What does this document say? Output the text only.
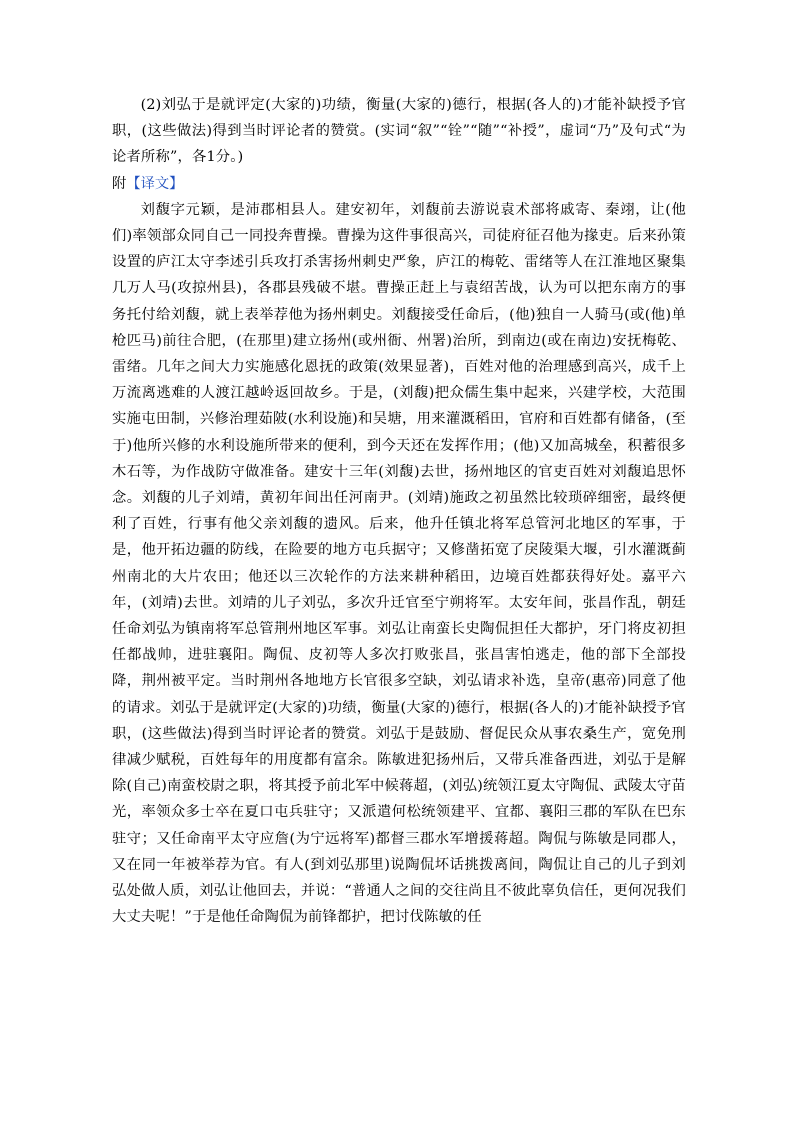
(2)刘弘于是就评定(大家的)功绩，衡量(大家的)德行，根据(各人的)才能补缺授予官职，(这些做法)得到当时评论者的赞赏。(实词“叙”“铨”“随”“补授”，虚词“乃”及句式“为论者所称”，各1分。)

附【译文】

刘馥字元颖，是沛郡相县人。建安初年，刘馥前去游说袁术部将戚寄、秦翊，让(他们)率领部众同自己一同投奔曹操。曹操为这件事很高兴，司徒府征召他为掾吏。后来孙策设置的庐江太守李述引兵攻打杀害扬州刺史严象，庐江的梅乾、雷绪等人在江淮地区聚集几万人马(攻掠州县)，各郡县残破不堪。曹操正赶上与袁绍苦战，认为可以把东南方的事务托付给刘馥，就上表举荐他为扬州刺史。刘馥接受任命后，(他)独自一人骑马(或(他)单枪匹马)前往合肥，(在那里)建立扬州(或州衙、州署)治所，到南边(或在南边)安抚梅乾、雷绪。几年之间大力实施感化恩抚的政策(效果显著)，百姓对他的治理感到高兴，成千上万流离逃难的人渡江越岭返回故乡。于是，(刘馥)把众儒生集中起来，兴建学校，大范围实施屯田制，兴修治理茹陂(水利设施)和吴塘，用来灌溉稻田，官府和百姓都有储备，(至于)他所兴修的水利设施所带来的便利，到今天还在发挥作用；(他)又加高城垒，积蓄很多木石等，为作战防守做准备。建安十三年(刘馥)去世，扬州地区的官吏百姓对刘馥追思怀念。刘馥的儿子刘靖，黄初年间出任河南尹。(刘靖)施政之初虽然比较琐碎细密，最终便利了百姓，行事有他父亲刘馥的遗风。后来，他升任镇北将军总管河北地区的军事，于是，他开拓边疆的防线，在险要的地方屯兵据守；又修凿拓宽了戾陵渠大堰，引水灌溉蓟州南北的大片农田；他还以三次轮作的方法来耕种稻田，边境百姓都获得好处。嘉平六年，(刘靖)去世。刘靖的儿子刘弘，多次升迁官至宁朔将军。太安年间，张昌作乱，朝廷任命刘弘为镇南将军总管荆州地区军事。刘弘让南蛮长史陶侃担任大都护，牙门将皮初担任都战帅，进驻襄阳。陶侃、皮初等人多次打败张昌，张昌害怕逃走，他的部下全部投降，荆州被平定。当时荆州各地地方长官很多空缺，刘弘请求补选，皇帝(惠帝)同意了他的请求。刘弘于是就评定(大家的)功绩，衡量(大家的)德行，根据(各人的)才能补缺授予官职，(这些做法)得到当时评论者的赞赏。刘弘于是鼓励、督促民众从事农桑生产，宽免刑律减少赋税，百姓每年的用度都有富余。陈敏进犯扬州后，又带兵准备西进，刘弘于是解除(自己)南蛮校尉之职，将其授予前北军中候蒋超，(刘弘)统领江夏太守陶侃、武陵太守苗光，率领众多士卒在夏口屯兵驻守；又派遣何松统领建平、宜都、襄阳三郡的军队在巴东驻守；又任命南平太守应詹(为宁远将军)都督三郡水军增援蒋超。陶侃与陈敏是同郡人，又在同一年被举荐为官。有人(到刘弘那里)说陶侃坏话挑拨离间，陶侃让自己的儿子到刘弘处做人质，刘弘让他回去，并说：“普通人之间的交往尚且不彼此辜负信任，更何况我们大丈夫呢！”于是他任命陶侃为前锋都护，把讨伐陈敏的任
